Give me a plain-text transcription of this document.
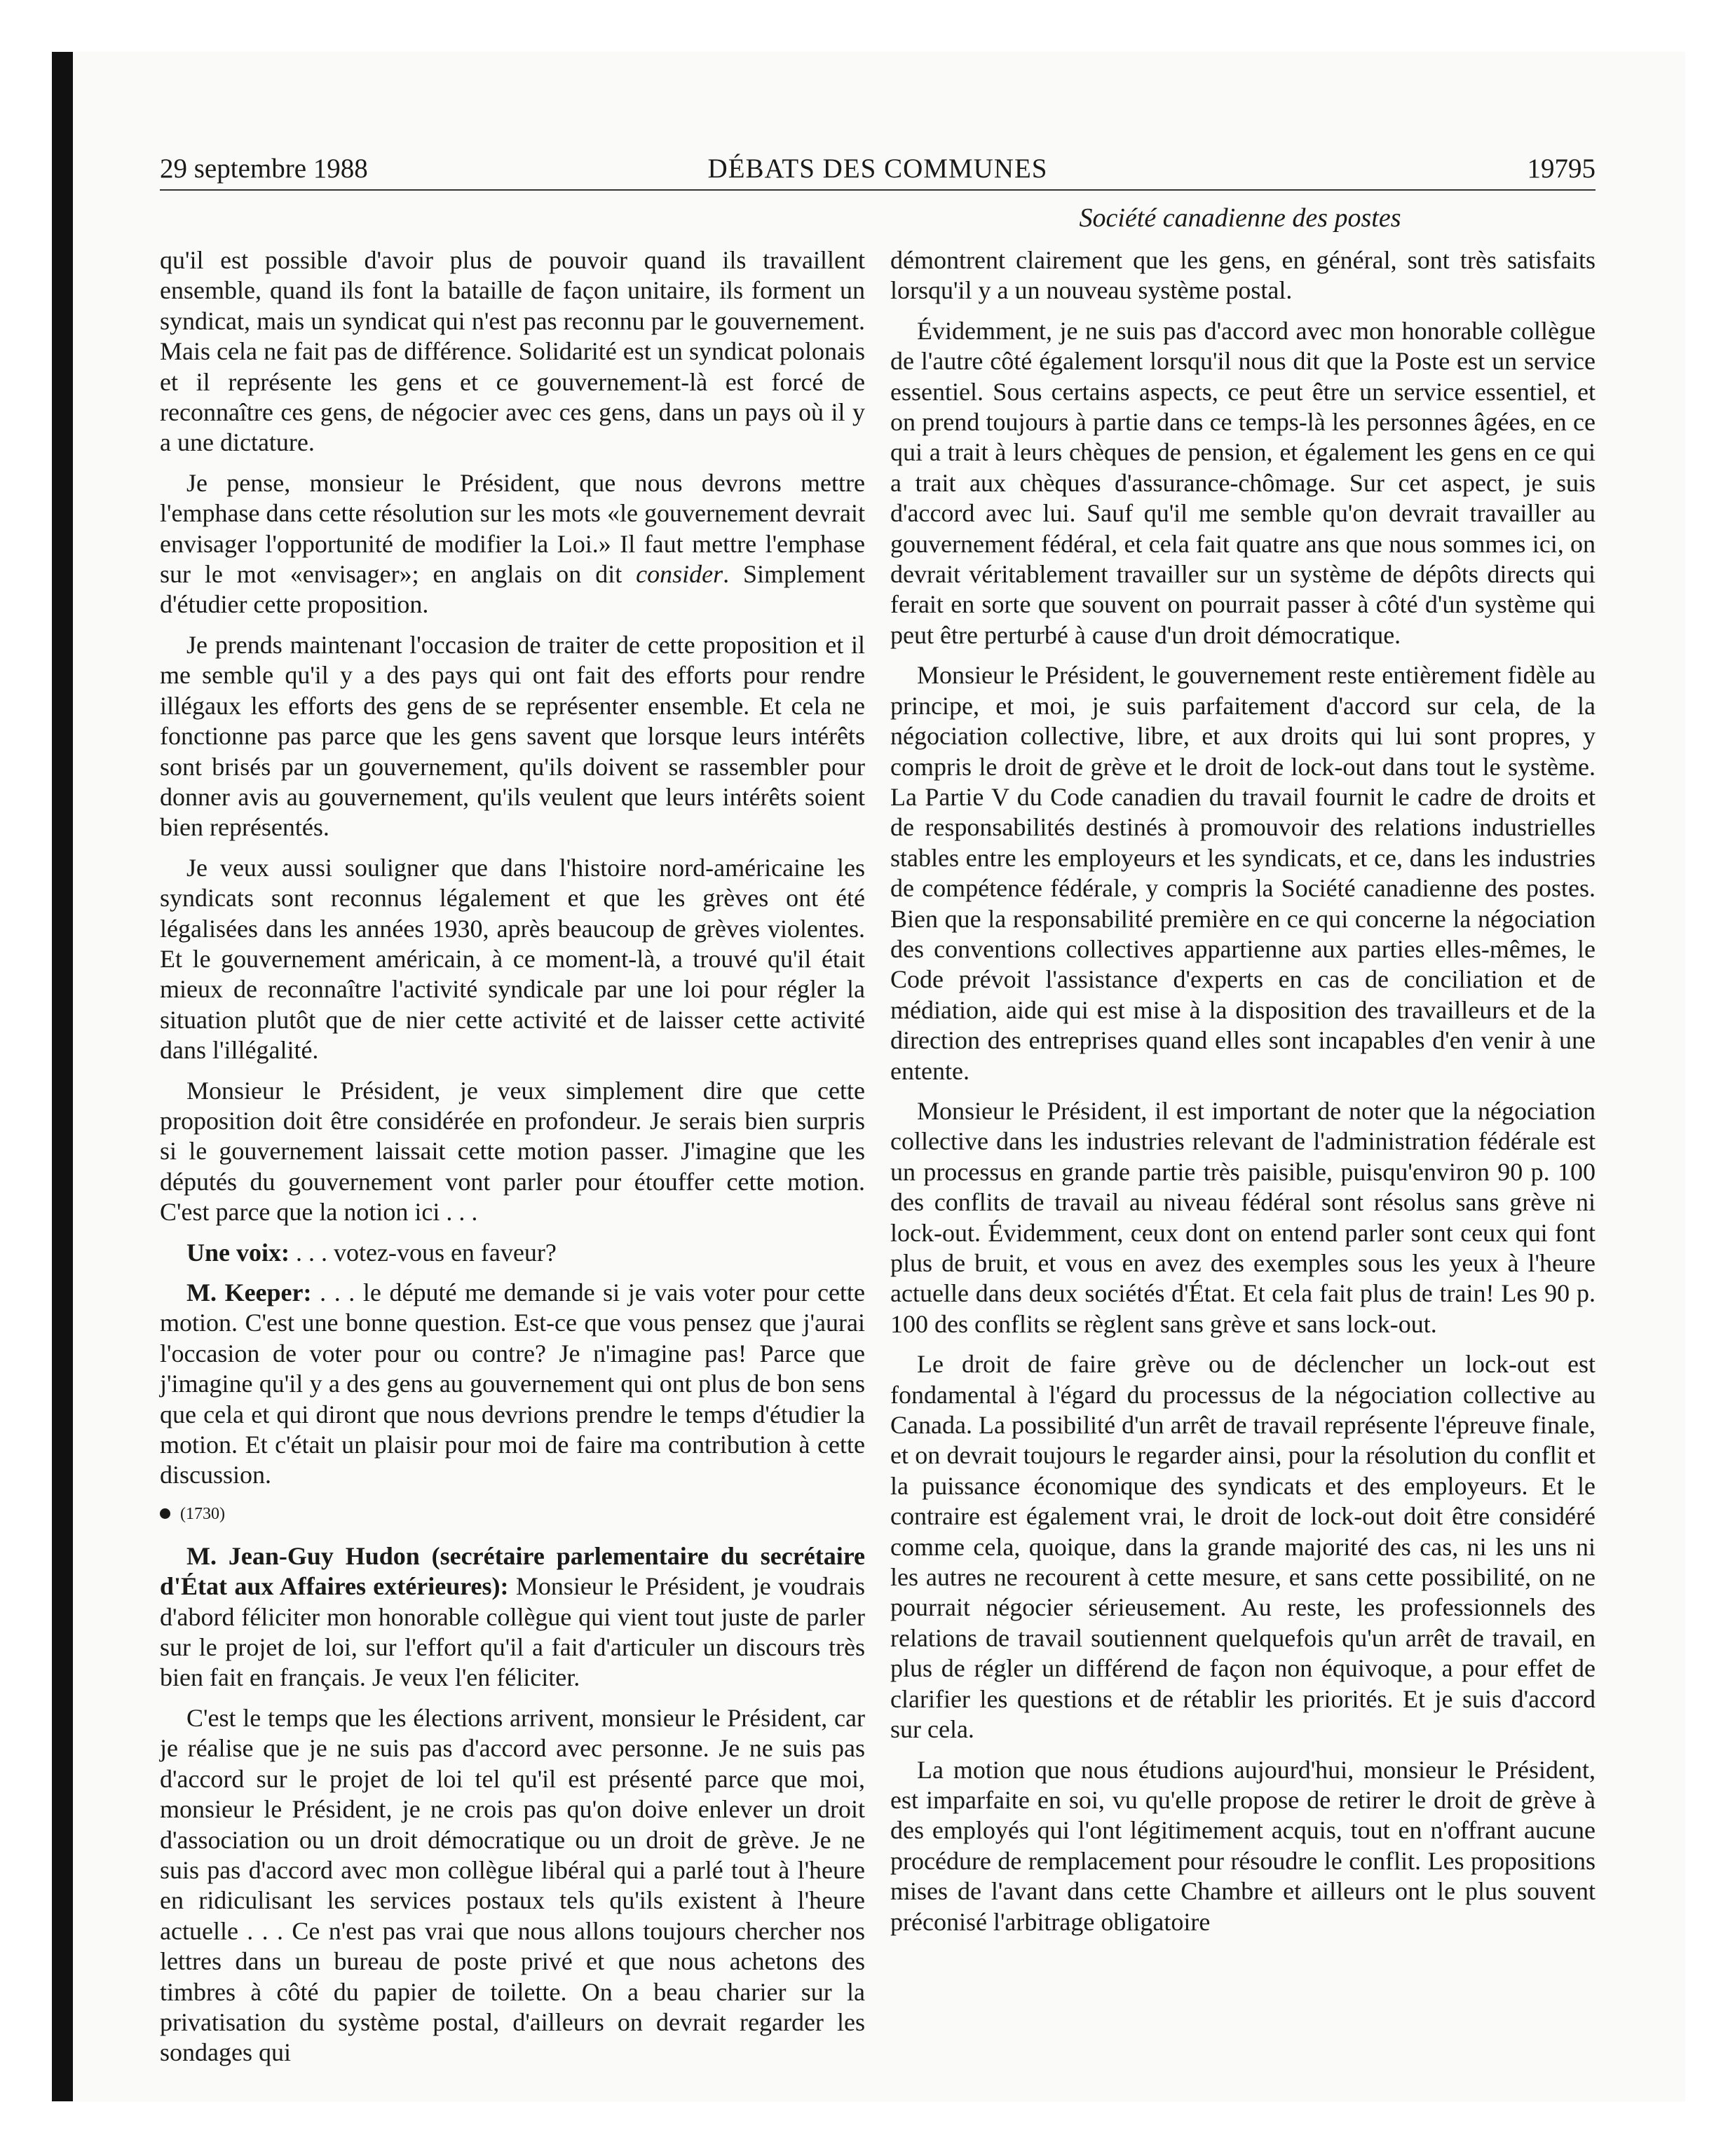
29 septembre 1988	DÉBATS DES COMMUNES	19795
Société canadienne des postes

qu'il est possible d'avoir plus de pouvoir quand ils travaillent ensemble, quand ils font la bataille de façon unitaire, ils forment un syndicat, mais un syndicat qui n'est pas reconnu par le gouvernement. Mais cela ne fait pas de différence. Solidarité est un syndicat polonais et il représente les gens et ce gouvernement-là est forcé de reconnaître ces gens, de négocier avec ces gens, dans un pays où il y a une dictature.

Je pense, monsieur le Président, que nous devrons mettre l'emphase dans cette résolution sur les mots «le gouvernement devrait envisager l'opportunité de modifier la Loi.» Il faut mettre l'emphase sur le mot «envisager»; en anglais on dit consider. Simplement d'étudier cette proposition.

Je prends maintenant l'occasion de traiter de cette proposition et il me semble qu'il y a des pays qui ont fait des efforts pour rendre illégaux les efforts des gens de se représenter ensemble. Et cela ne fonctionne pas parce que les gens savent que lorsque leurs intérêts sont brisés par un gouvernement, qu'ils doivent se rassembler pour donner avis au gouvernement, qu'ils veulent que leurs intérêts soient bien représentés.

Je veux aussi souligner que dans l'histoire nord-américaine les syndicats sont reconnus légalement et que les grèves ont été légalisées dans les années 1930, après beaucoup de grèves violentes. Et le gouvernement américain, à ce moment-là, a trouvé qu'il était mieux de reconnaître l'activité syndicale par une loi pour régler la situation plutôt que de nier cette activité et de laisser cette activité dans l'illégalité.

Monsieur le Président, je veux simplement dire que cette proposition doit être considérée en profondeur. Je serais bien surpris si le gouvernement laissait cette motion passer. J'imagine que les députés du gouvernement vont parler pour étouffer cette motion. C'est parce que la notion ici . . .

Une voix: . . . votez-vous en faveur?

M. Keeper: . . . le député me demande si je vais voter pour cette motion. C'est une bonne question. Est-ce que vous pensez que j'aurai l'occasion de voter pour ou contre? Je n'imagine pas! Parce que j'imagine qu'il y a des gens au gouvernement qui ont plus de bon sens que cela et qui diront que nous devrions prendre le temps d'étudier la motion. Et c'était un plaisir pour moi de faire ma contribution à cette discussion.

(1730)

M. Jean-Guy Hudon (secrétaire parlementaire du secrétaire d'État aux Affaires extérieures): Monsieur le Président, je voudrais d'abord féliciter mon honorable collègue qui vient tout juste de parler sur le projet de loi, sur l'effort qu'il a fait d'articuler un discours très bien fait en français. Je veux l'en féliciter.

C'est le temps que les élections arrivent, monsieur le Président, car je réalise que je ne suis pas d'accord avec personne. Je ne suis pas d'accord sur le projet de loi tel qu'il est présenté parce que moi, monsieur le Président, je ne crois pas qu'on doive enlever un droit d'association ou un droit démocratique ou un droit de grève. Je ne suis pas d'accord avec mon collègue libéral qui a parlé tout à l'heure en ridiculisant les services postaux tels qu'ils existent à l'heure actuelle . . . Ce n'est pas vrai que nous allons toujours chercher nos lettres dans un bureau de poste privé et que nous achetons des timbres à côté du papier de toilette. On a beau charier sur la privatisation du système postal, d'ailleurs on devrait regarder les sondages qui

démontrent clairement que les gens, en général, sont très satisfaits lorsqu'il y a un nouveau système postal.

Évidemment, je ne suis pas d'accord avec mon honorable collègue de l'autre côté également lorsqu'il nous dit que la Poste est un service essentiel. Sous certains aspects, ce peut être un service essentiel, et on prend toujours à partie dans ce temps-là les personnes âgées, en ce qui a trait à leurs chèques de pension, et également les gens en ce qui a trait aux chèques d'assurance-chômage. Sur cet aspect, je suis d'accord avec lui. Sauf qu'il me semble qu'on devrait travailler au gouvernement fédéral, et cela fait quatre ans que nous sommes ici, on devrait véritablement travailler sur un système de dépôts directs qui ferait en sorte que souvent on pourrait passer à côté d'un système qui peut être perturbé à cause d'un droit démocratique.

Monsieur le Président, le gouvernement reste entièrement fidèle au principe, et moi, je suis parfaitement d'accord sur cela, de la négociation collective, libre, et aux droits qui lui sont propres, y compris le droit de grève et le droit de lock-out dans tout le système. La Partie V du Code canadien du travail fournit le cadre de droits et de responsabilités destinés à promouvoir des relations industrielles stables entre les employeurs et les syndicats, et ce, dans les industries de compétence fédérale, y compris la Société canadienne des postes. Bien que la responsabilité première en ce qui concerne la négociation des conventions collectives appartienne aux parties elles-mêmes, le Code prévoit l'assistance d'experts en cas de conciliation et de médiation, aide qui est mise à la disposition des travailleurs et de la direction des entreprises quand elles sont incapables d'en venir à une entente.

Monsieur le Président, il est important de noter que la négociation collective dans les industries relevant de l'administration fédérale est un processus en grande partie très paisible, puisqu'environ 90 p. 100 des conflits de travail au niveau fédéral sont résolus sans grève ni lock-out. Évidemment, ceux dont on entend parler sont ceux qui font plus de bruit, et vous en avez des exemples sous les yeux à l'heure actuelle dans deux sociétés d'État. Et cela fait plus de train! Les 90 p. 100 des conflits se règlent sans grève et sans lock-out.

Le droit de faire grève ou de déclencher un lock-out est fondamental à l'égard du processus de la négociation collective au Canada. La possibilité d'un arrêt de travail représente l'épreuve finale, et on devrait toujours le regarder ainsi, pour la résolution du conflit et la puissance économique des syndicats et des employeurs. Et le contraire est également vrai, le droit de lock-out doit être considéré comme cela, quoique, dans la grande majorité des cas, ni les uns ni les autres ne recourent à cette mesure, et sans cette possibilité, on ne pourrait négocier sérieusement. Au reste, les professionnels des relations de travail soutiennent quelquefois qu'un arrêt de travail, en plus de régler un différend de façon non équivoque, a pour effet de clarifier les questions et de rétablir les priorités. Et je suis d'accord sur cela.

La motion que nous étudions aujourd'hui, monsieur le Président, est imparfaite en soi, vu qu'elle propose de retirer le droit de grève à des employés qui l'ont légitimement acquis, tout en n'offrant aucune procédure de remplacement pour résoudre le conflit. Les propositions mises de l'avant dans cette Chambre et ailleurs ont le plus souvent préconisé l'arbitrage obligatoire
